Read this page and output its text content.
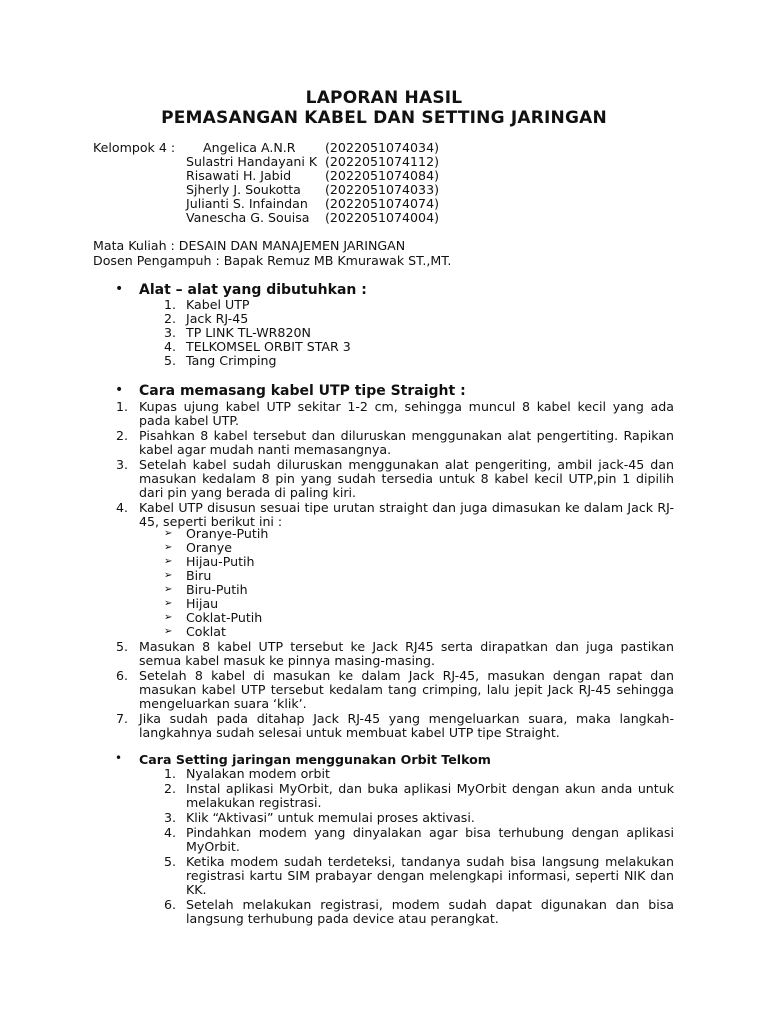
LAPORAN HASIL
PEMASANGAN KABEL DAN SETTING JARINGAN
Kelompok 4 : Angelica A.N.R (2022051074034)
Sulastri Handayani K (2022051074112)
Risawati H. Jabid	(2022051074084)
Sjherly J. Soukotta (2022051074033)
Julianti S. Infaindan (2022051074074)
Vanescha G. Souisa (2022051074004)
Mata Kuliah : DESAIN DAN MANAJEMEN JARINGAN
Dosen Pengampuh : Bapak Remuz MB Kmurawak ST.,MT.
• Alat – alat yang dibutuhkan :
1. Kabel UTP
2. Jack RJ-45
3. TP LINK TL-WR820N
4. TELKOMSEL ORBIT STAR 3
5. Tang Crimping
• Cara memasang kabel UTP tipe Straight :
1. Kupas ujung kabel UTP sekitar 1-2 cm, sehingga muncul 8 kabel kecil yang ada pada kabel UTP.
2. Pisahkan 8 kabel tersebut dan diluruskan menggunakan alat pengertiting. Rapikan kabel agar mudah nanti memasangnya.
3. Setelah kabel sudah diluruskan menggunakan alat pengeriting, ambil jack-45 dan masukan kedalam 8 pin yang sudah tersedia untuk 8 kabel kecil UTP,pin 1 dipilih dari pin yang berada di paling kiri.
4. Kabel UTP disusun sesuai tipe urutan straight dan juga dimasukan ke dalam Jack RJ-45, seperti berikut ini :
➢ Oranye-Putih
➢ Oranye
➢ Hijau-Putih
➢ Biru
➢ Biru-Putih
➢ Hijau
➢ Coklat-Putih
➢ Coklat
5. Masukan 8 kabel UTP tersebut ke Jack RJ45 serta dirapatkan dan juga pastikan semua kabel masuk ke pinnya masing-masing.
6. Setelah 8 kabel di masukan ke dalam Jack RJ-45, masukan dengan rapat dan masukan kabel UTP tersebut kedalam tang crimping, lalu jepit Jack RJ-45 sehingga mengeluarkan suara ‘klik’.
7. Jika sudah pada ditahap Jack RJ-45 yang mengeluarkan suara, maka langkah-langkahnya sudah selesai untuk membuat kabel UTP tipe Straight.
• Cara Setting jaringan menggunakan Orbit Telkom
1. Nyalakan modem orbit
2. Instal aplikasi MyOrbit, dan buka aplikasi MyOrbit dengan akun anda untuk melakukan registrasi.
3. Klik “Aktivasi” untuk memulai proses aktivasi.
4. Pindahkan modem yang dinyalakan agar bisa terhubung dengan aplikasi MyOrbit.
5. Ketika modem sudah terdeteksi, tandanya sudah bisa langsung melakukan registrasi kartu SIM prabayar dengan melengkapi informasi, seperti NIK dan KK.
6. Setelah melakukan registrasi, modem sudah dapat digunakan dan bisa langsung terhubung pada device atau perangkat.
